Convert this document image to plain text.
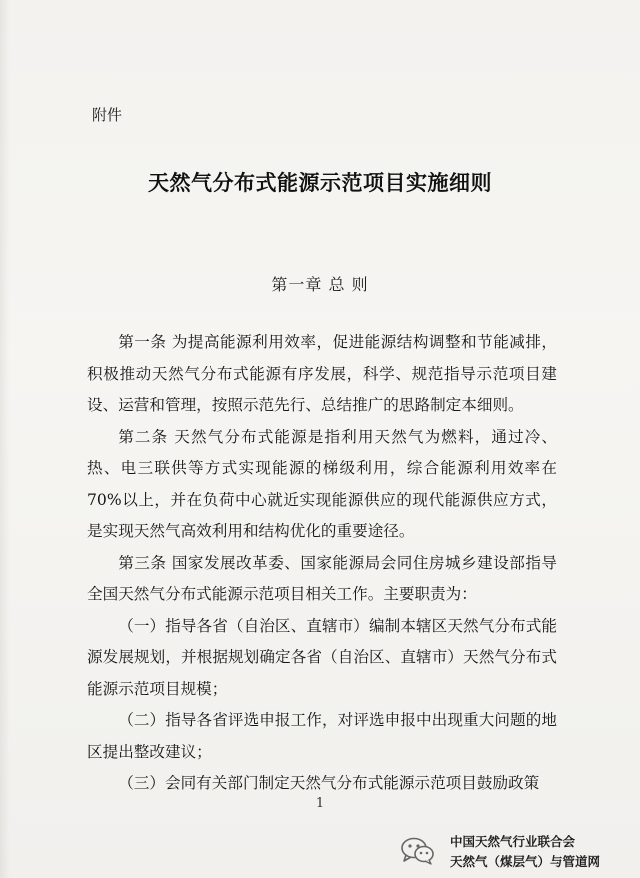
附件
天然气分布式能源示范项目实施细则
第一章 总 则

第一条 为提高能源利用效率，促进能源结构调整和节能减排，积极推动天然气分布式能源有序发展，科学、规范指导示范项目建设、运营和管理，按照示范先行、总结推广的思路制定本细则。

第二条 天然气分布式能源是指利用天然气为燃料，通过冷、热、电三联供等方式实现能源的梯级利用，综合能源利用效率在70%以上，并在负荷中心就近实现能源供应的现代能源供应方式，是实现天然气高效利用和结构优化的重要途径。

第三条 国家发展改革委、国家能源局会同住房城乡建设部指导全国天然气分布式能源示范项目相关工作。主要职责为：

（一）指导各省（自治区、直辖市）编制本辖区天然气分布式能源发展规划，并根据规划确定各省（自治区、直辖市）天然气分布式能源示范项目规模；

（二）指导各省评选申报工作，对评选申报中出现重大问题的地区提出整改建议；

（三）会同有关部门制定天然气分布式能源示范项目鼓励政策

1
中国天然气行业联合会
天然气（煤层气）与管道网
